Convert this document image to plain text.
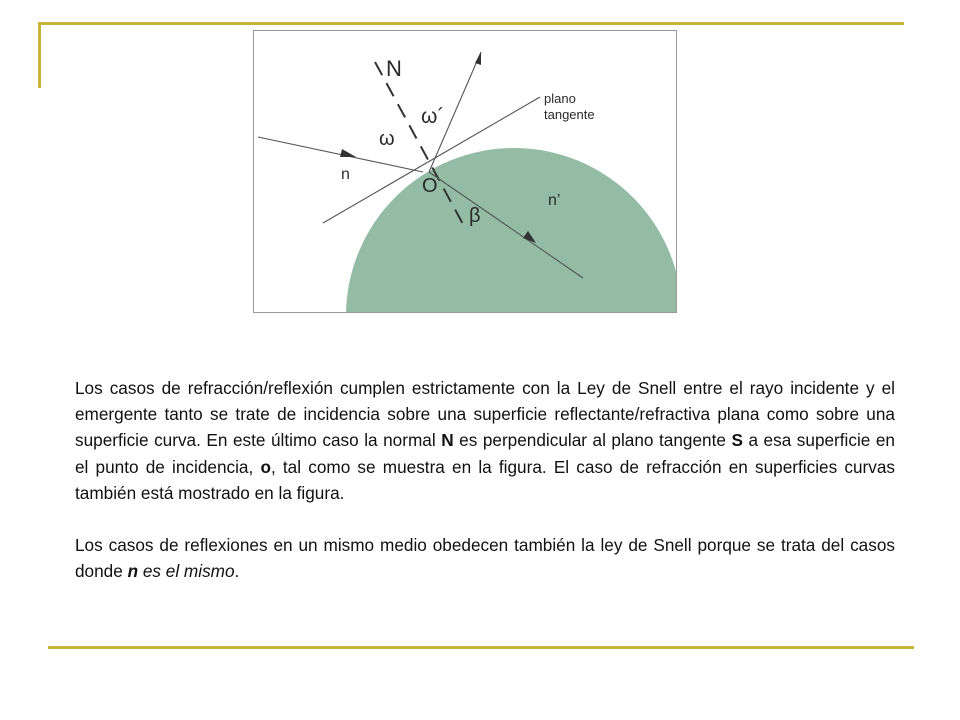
N
ω´
ω
n
O
β
n’
plano
tangente

Los casos de refracción/reflexión cumplen estrictamente con la Ley de Snell entre el rayo incidente y el emergente tanto se trate de incidencia sobre una superficie reflectante/refractiva plana como sobre una superficie curva. En este último caso la normal N es perpendicular al plano tangente S a esa superficie en el punto de incidencia, o, tal como se muestra en la figura. El caso de refracción en superficies curvas también está mostrado en la figura.

Los casos de reflexiones en un mismo medio obedecen también la ley de Snell porque se trata del casos donde n es el mismo.
